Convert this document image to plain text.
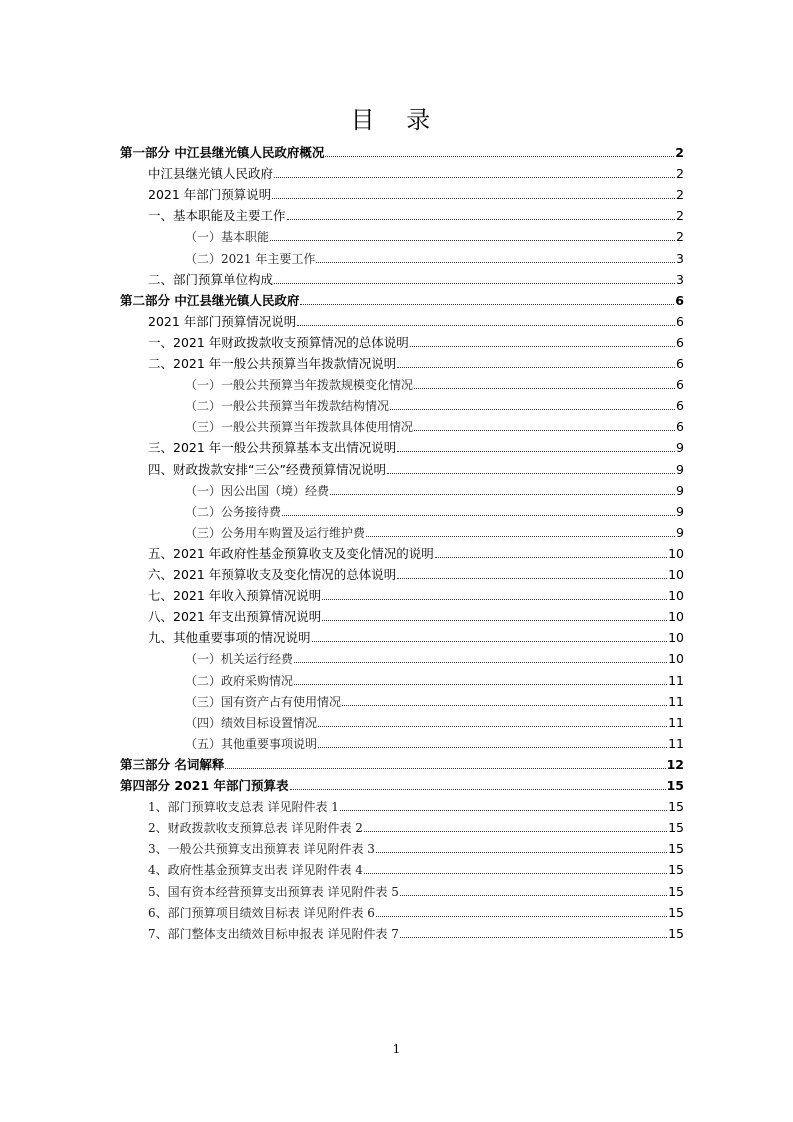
目 录
第一部分 中江县继光镇人民政府概况	2
中江县继光镇人民政府	2
2021 年部门预算说明	2
一、基本职能及主要工作	2
（一）基本职能	2
（二）2021 年主要工作	3
二、部门预算单位构成	3
第二部分 中江县继光镇人民政府	6
2021 年部门预算情况说明	6
一、2021 年财政拨款收支预算情况的总体说明	6
二、2021 年一般公共预算当年拨款情况说明	6
（一）一般公共预算当年拨款规模变化情况	6
（二）一般公共预算当年拨款结构情况	6
（三）一般公共预算当年拨款具体使用情况	6
三、2021 年一般公共预算基本支出情况说明	9
四、财政拨款安排“三公”经费预算情况说明	9
（一）因公出国（境）经费	9
（二）公务接待费	9
（三）公务用车购置及运行维护费	9
五、2021 年政府性基金预算收支及变化情况的说明	10
六、2021 年预算收支及变化情况的总体说明	10
七、2021 年收入预算情况说明	10
八、2021 年支出预算情况说明	10
九、其他重要事项的情况说明	10
（一）机关运行经费	10
（二）政府采购情况	11
（三）国有资产占有使用情况	11
（四）绩效目标设置情况	11
（五）其他重要事项说明	11
第三部分 名词解释	12
第四部分 2021 年部门预算表	15
1、部门预算收支总表 详见附件表 1	15
2、财政拨款收支预算总表 详见附件表 2	15
3、一般公共预算支出预算表 详见附件表 3	15
4、政府性基金预算支出表 详见附件表 4	15
5、国有资本经营预算支出预算表 详见附件表 5	15
6、部门预算项目绩效目标表 详见附件表 6	15
7、部门整体支出绩效目标申报表 详见附件表 7	15
1
